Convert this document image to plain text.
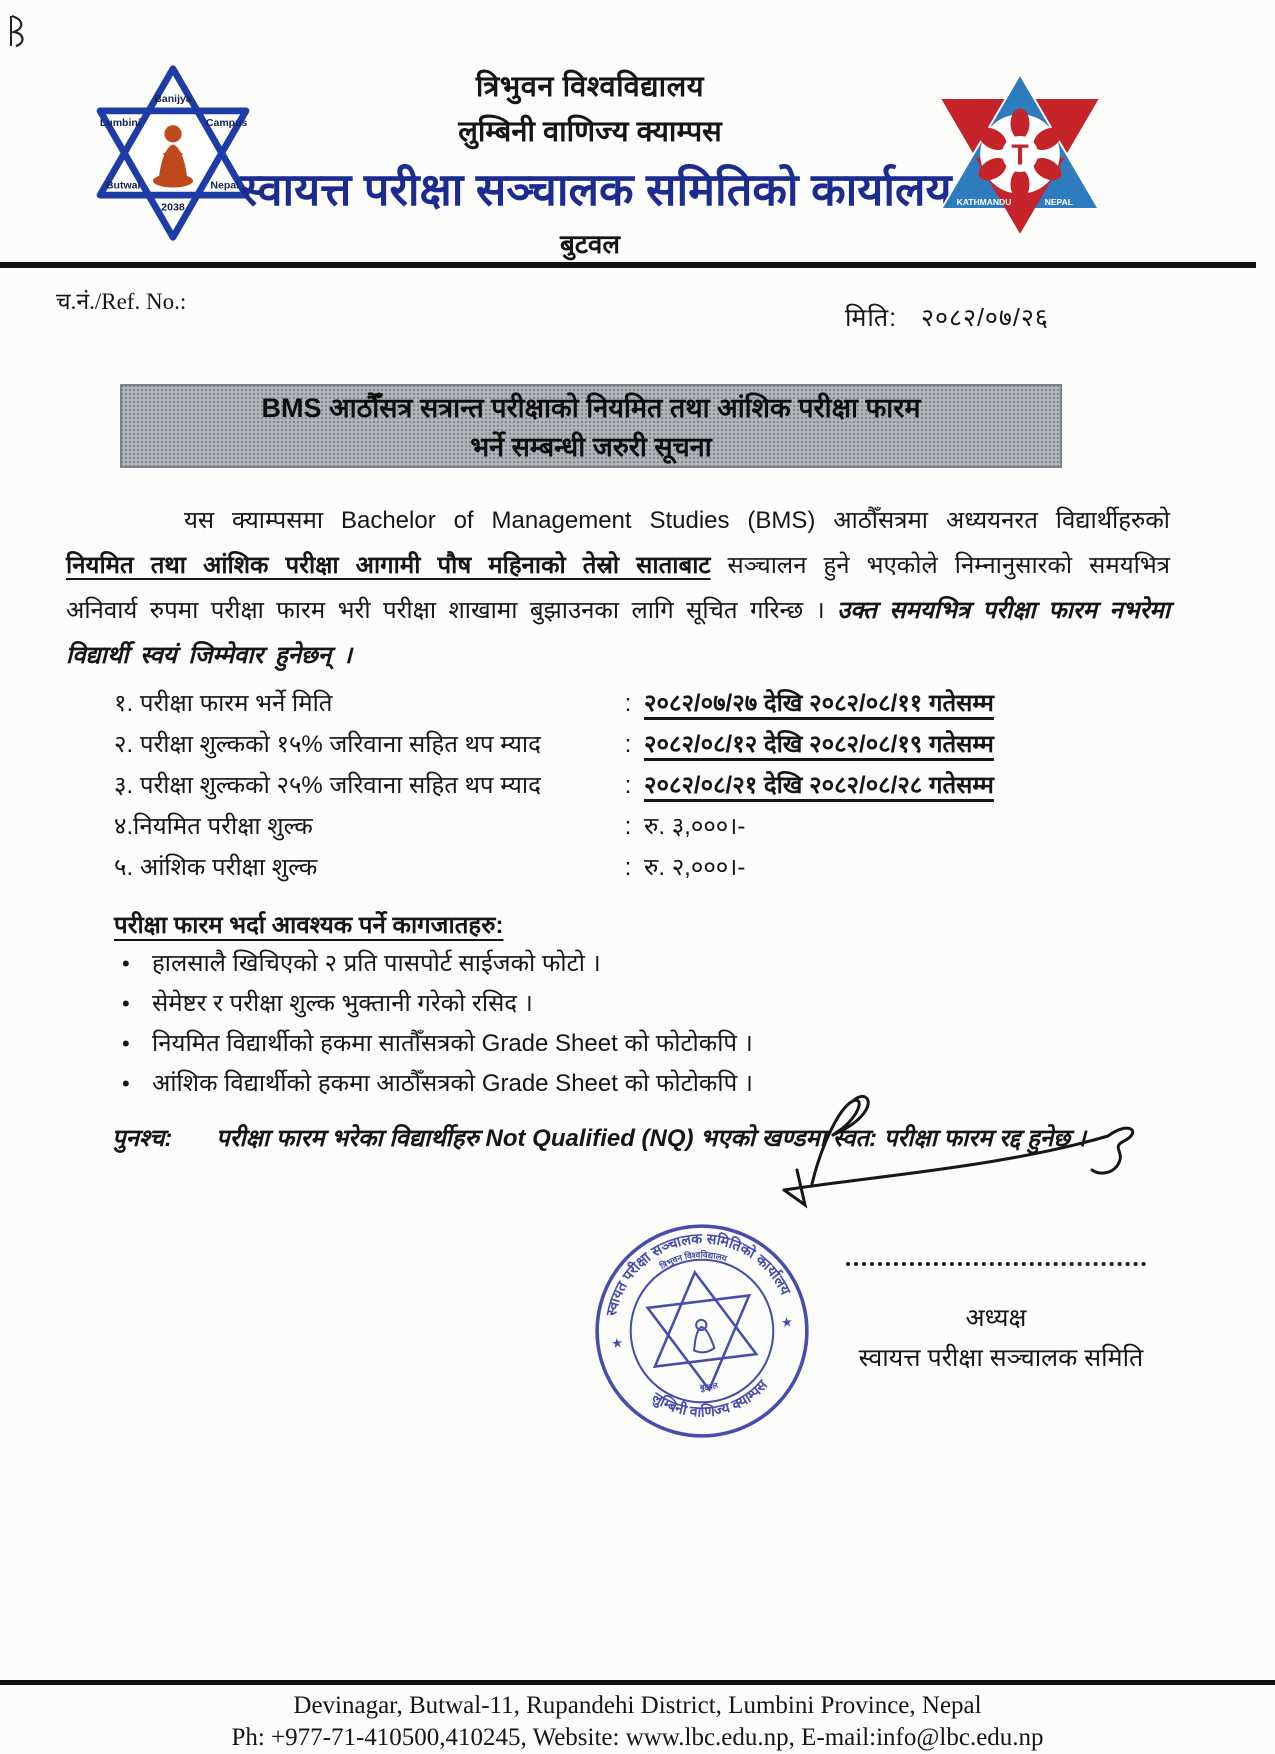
Banijya
Lumbini	Campus
Butwal	Nepal
2038
त्रिभुवन विश्वविद्यालय
लुम्बिनी वाणिज्य क्याम्पस
स्वायत्त परीक्षा सञ्चालक समितिको कार्यालय
बुटवल
T
KATHMANDU	NEPAL
च.नं./Ref. No.:
मिति: २०८२/०७/२६
BMS आठौँसत्र सत्रान्त परीक्षाको नियमित तथा आंशिक परीक्षा फारम
भर्ने सम्बन्धी जरुरी सूचना
यस क्याम्पसमा Bachelor of Management Studies (BMS) आठौँसत्रमा अध्ययनरत विद्यार्थीहरुको नियमित तथा आंशिक परीक्षा आगामी पौष महिनाको तेस्रो साताबाट सञ्चालन हुने भएकोले निम्नानुसारको समयभित्र अनिवार्य रुपमा परीक्षा फारम भरी परीक्षा शाखामा बुझाउनका लागि सूचित गरिन्छ । उक्त समयभित्र परीक्षा फारम नभरेमा विद्यार्थी स्वयं जिम्मेवार हुनेछन् ।
१. परीक्षा फारम भर्ने मिति	: २०८२/०७/२७ देखि २०८२/०८/११ गतेसम्म
२. परीक्षा शुल्कको १५% जरिवाना सहित थप म्याद	: २०८२/०८/१२ देखि २०८२/०८/१९ गतेसम्म
३. परीक्षा शुल्कको २५% जरिवाना सहित थप म्याद	: २०८२/०८/२१ देखि २०८२/०८/२८ गतेसम्म
४.नियमित परीक्षा शुल्क	: रु. ३,०००।-
५. आंशिक परीक्षा शुल्क	: रु. २,०००।-
परीक्षा फारम भर्दा आवश्यक पर्ने कागजातहरु:
• हालसालै खिचिएको २ प्रति पासपोर्ट साईजको फोटो ।
• सेमेष्टर र परीक्षा शुल्क भुक्तानी गरेको रसिद ।
• नियमित विद्यार्थीको हकमा सातौँसत्रको Grade Sheet को फोटोकपि ।
• आंशिक विद्यार्थीको हकमा आठौँसत्रको Grade Sheet को फोटोकपि ।
पुनश्च:	परीक्षा फारम भरेका विद्यार्थीहरु Not Qualified (NQ) भएको खण्डमा स्वत: परीक्षा फारम रद्द हुनेछ ।
त्रिभुवन विश्वविद्यालय
स्वायत परीक्षा सञ्चालक समितिको कार्यालय
लुम्बिनी वाणिज्य क्याम्पस
बुटवल
★
★	अध्यक्ष
स्वायत्त परीक्षा सञ्चालक समिति
Devinagar, Butwal-11, Rupandehi District, Lumbini Province, Nepal
Ph: +977-71-410500,410245, Website: www.lbc.edu.np, E-mail:info@lbc.edu.np
